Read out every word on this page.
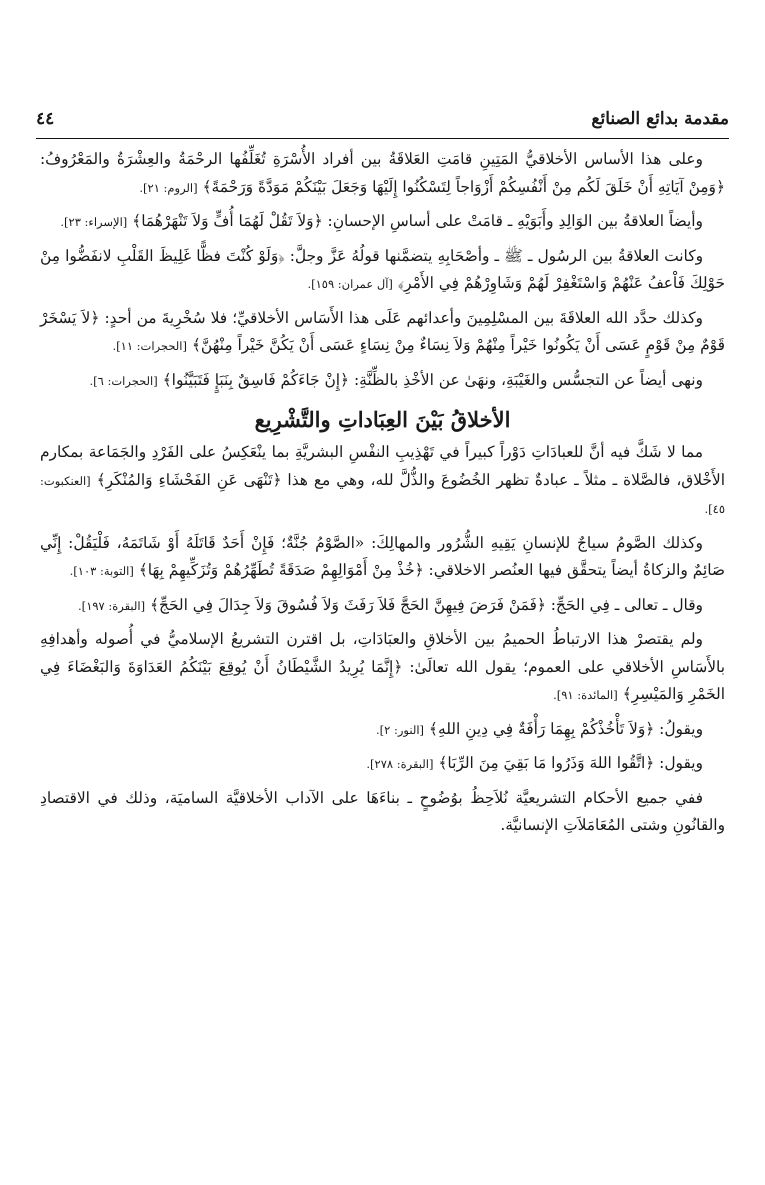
٤٤	مقدمة بدائع الصنائع

وعلى هذا الأساس الأخلاقيُّ المَتِينِ قامَتِ العَلاقَةُ بين أفراد الأُسْرَةِ تُغَلِّفُها الرحْمَةُ والعِشْرَةُ والمَعْرُوفُ: ﴿وَمِنْ آيَاتِهِ أَنْ خَلَقَ لَكُم مِنْ أَنْفُسِكُمْ أَزْوَاجاً لِتَسْكُنُوا إِلَيْهَا وَجَعَلَ بَيْنَكُمْ مَوَدَّةً وَرَحْمَةً﴾ [الروم: ٢١].

وأيضاً العلاقةُ بين الوَالِدِ وأَبَوَيْهِ ـ قامَتْ على أساسِ الإحسانِ: ﴿وَلاَ تَقُلْ لَهُمَا أُفٍّ وَلاَ تَنْهَرْهُمَا﴾ [الإسراء: ٢٣].

وكانت العلاقةُ بين الرسُول ـ ﷺ ـ وأصْحَابِهِ يتضمَّنها قولُهُ عَزَّ وجلَّ: ﴿وَلَوْ كُنْتَ فظًّا غَلِيظَ القَلْبِ لانفَضُّوا مِنْ حَوْلِكَ فَاْعفُ عَنْهُمْ وَاسْتَغْفِرْ لَهُمْ وَشَاوِرْهُمْ فِي الأَمْرِ﴾ [آل عمران: ١٥٩].

وكذلك حدَّد الله العلاقَةَ بين المسْلِمِينَ وأعدائهم عَلَى هذا الأَسَاس الأخلاقيِّ؛ فلا سُخْرِيةَ من أحدٍ: ﴿لاَ يَسْخَرْ قَوْمٌ مِنْ قَوْمٍ عَسَى أَنْ يَكُونُوا خَيْراً مِنْهُمْ وَلاَ نِسَاءٌ مِنْ نِسَاءٍ عَسَى أَنْ يَكُنَّ خَيْراً مِنْهُنَّ﴾ [الحجرات: ١١].

ونهى أيضاً عن التجسُّس والغَيْبَةِ، ونهَىٰ عن الأخْذِ بالظِّنَّةِ: ﴿إِنْ جَاءَكُمْ فَاسِقٌ بِنَبَإٍ فَتَبَيَّنُوا﴾ [الحجرات: ٦].

الأخلاقُ بَيْنَ العِبَاداتِ والتَّشْرِيع

مما لا شَكَّ فيه أنَّ للعبادَاتِ دَوْراً كبيراً في تَهْذِيبِ النفْسِ البشريَّةِ بما ينْعَكِسُ على الفَرْدِ والجَمَاعة بمكارم الأَخْلاق، فالصَّلاة ـ مثلاً ـ عبادةٌ تظهر الخُضُوعَ والذُّلَّ لله، وهي مع هذا ﴿تَنْهَى عَنِ الفَحْشَاءِ وَالمُنْكَرِ﴾ [العنكبوت: ٤٥].

وكذلك الصَّومُ سياجٌ للإنسانِ يَقِيهِ الشُّرُور والمهالِكَ: «الصَّوْمُ جُنَّةٌ؛ فَإِنْ أَحَدٌ قَاتَلَهُ أَوْ شَاتَمَهُ، فَلْيَقُلْ: إِنِّي صَائِمٌ والزكاةُ أيضاً يتحقَّق فيها العنُصر الاخلاقي: ﴿خُذْ مِنْ أَمْوَالِهِمْ صَدَقَةً تُطَهِّرُهُمْ وَتُزَكِّيهِمْ بِهَا﴾ [التوبة: ١٠٣].

وقال ـ تعالى ـ فِي الحَجِّ: ﴿فَمَنْ فَرَضَ فِيهِنَّ الحَجَّ فَلاَ رَفَثَ وَلاَ فُسُوقَ وَلاَ جِدَالَ فِي الحَجِّ﴾ [البقرة: ١٩٧].

ولم يقتصرْ هذا الارتباطُ الحميمُ بين الأخلاقِ والعبَادَاتِ، بل اقترن التشريعُ الإسلاميُّ في أُصوله وأهدافِهِ بالأَسَاسِ الأخلاقي على العموم؛ يقول الله تعالَىٰ: ﴿إِنَّمَا يُرِيدُ الشَّيْطَانُ أَنْ يُوقِعَ بَيْنَكُمُ العَدَاوَةَ وَالبَغْضَاءَ فِي الخَمْرِ وَالمَيْسِرِ﴾ [المائدة: ٩١].

ويقولُ: ﴿وَلاَ تَأْخُذْكُمْ بِهِمَا رَأْفَةٌ فِي دِينِ اللهِ﴾ [النور: ٢].

ويقول: ﴿اتَّقُوا اللهَ وَذَرُوا مَا بَقِيَ مِنَ الرِّبَا﴾ [البقرة: ٢٧٨].

ففي جميع الأحكام التشريعيَّة نُلاَحِظُ بوُضُوحٍ ـ بناءَهَا على الآداب الأخلاقيَّة الساميَة، وذلك في الاقتصادِ والقانُونِ وشتى المُعَامَلاَتِ الإنسانيَّة.
